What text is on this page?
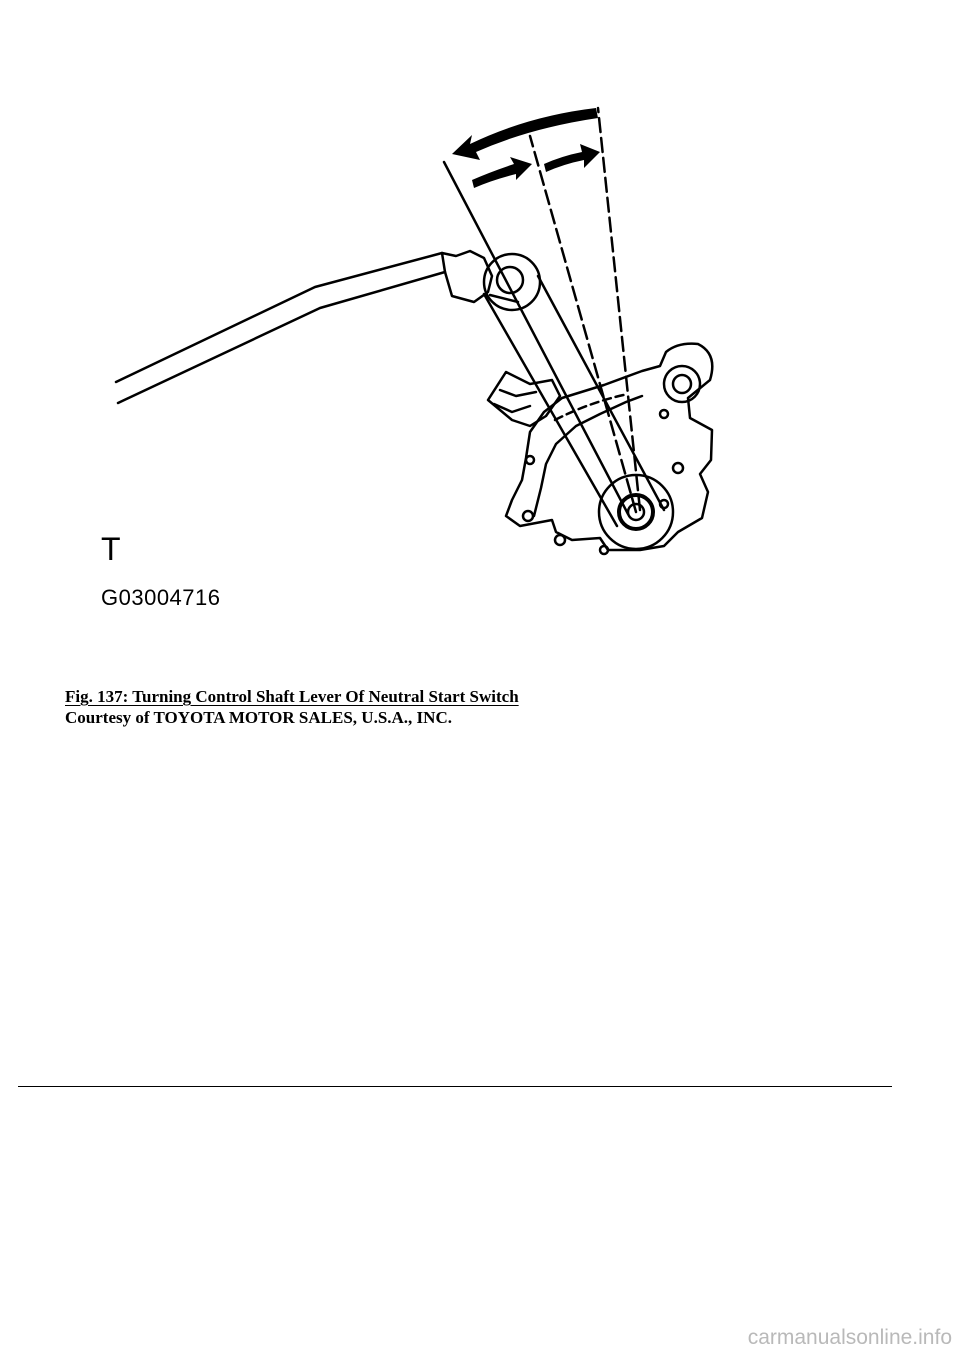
T
G03004716
Fig. 137: Turning Control Shaft Lever Of Neutral Start Switch
Courtesy of TOYOTA MOTOR SALES, U.S.A., INC.
carmanualsonline.info
